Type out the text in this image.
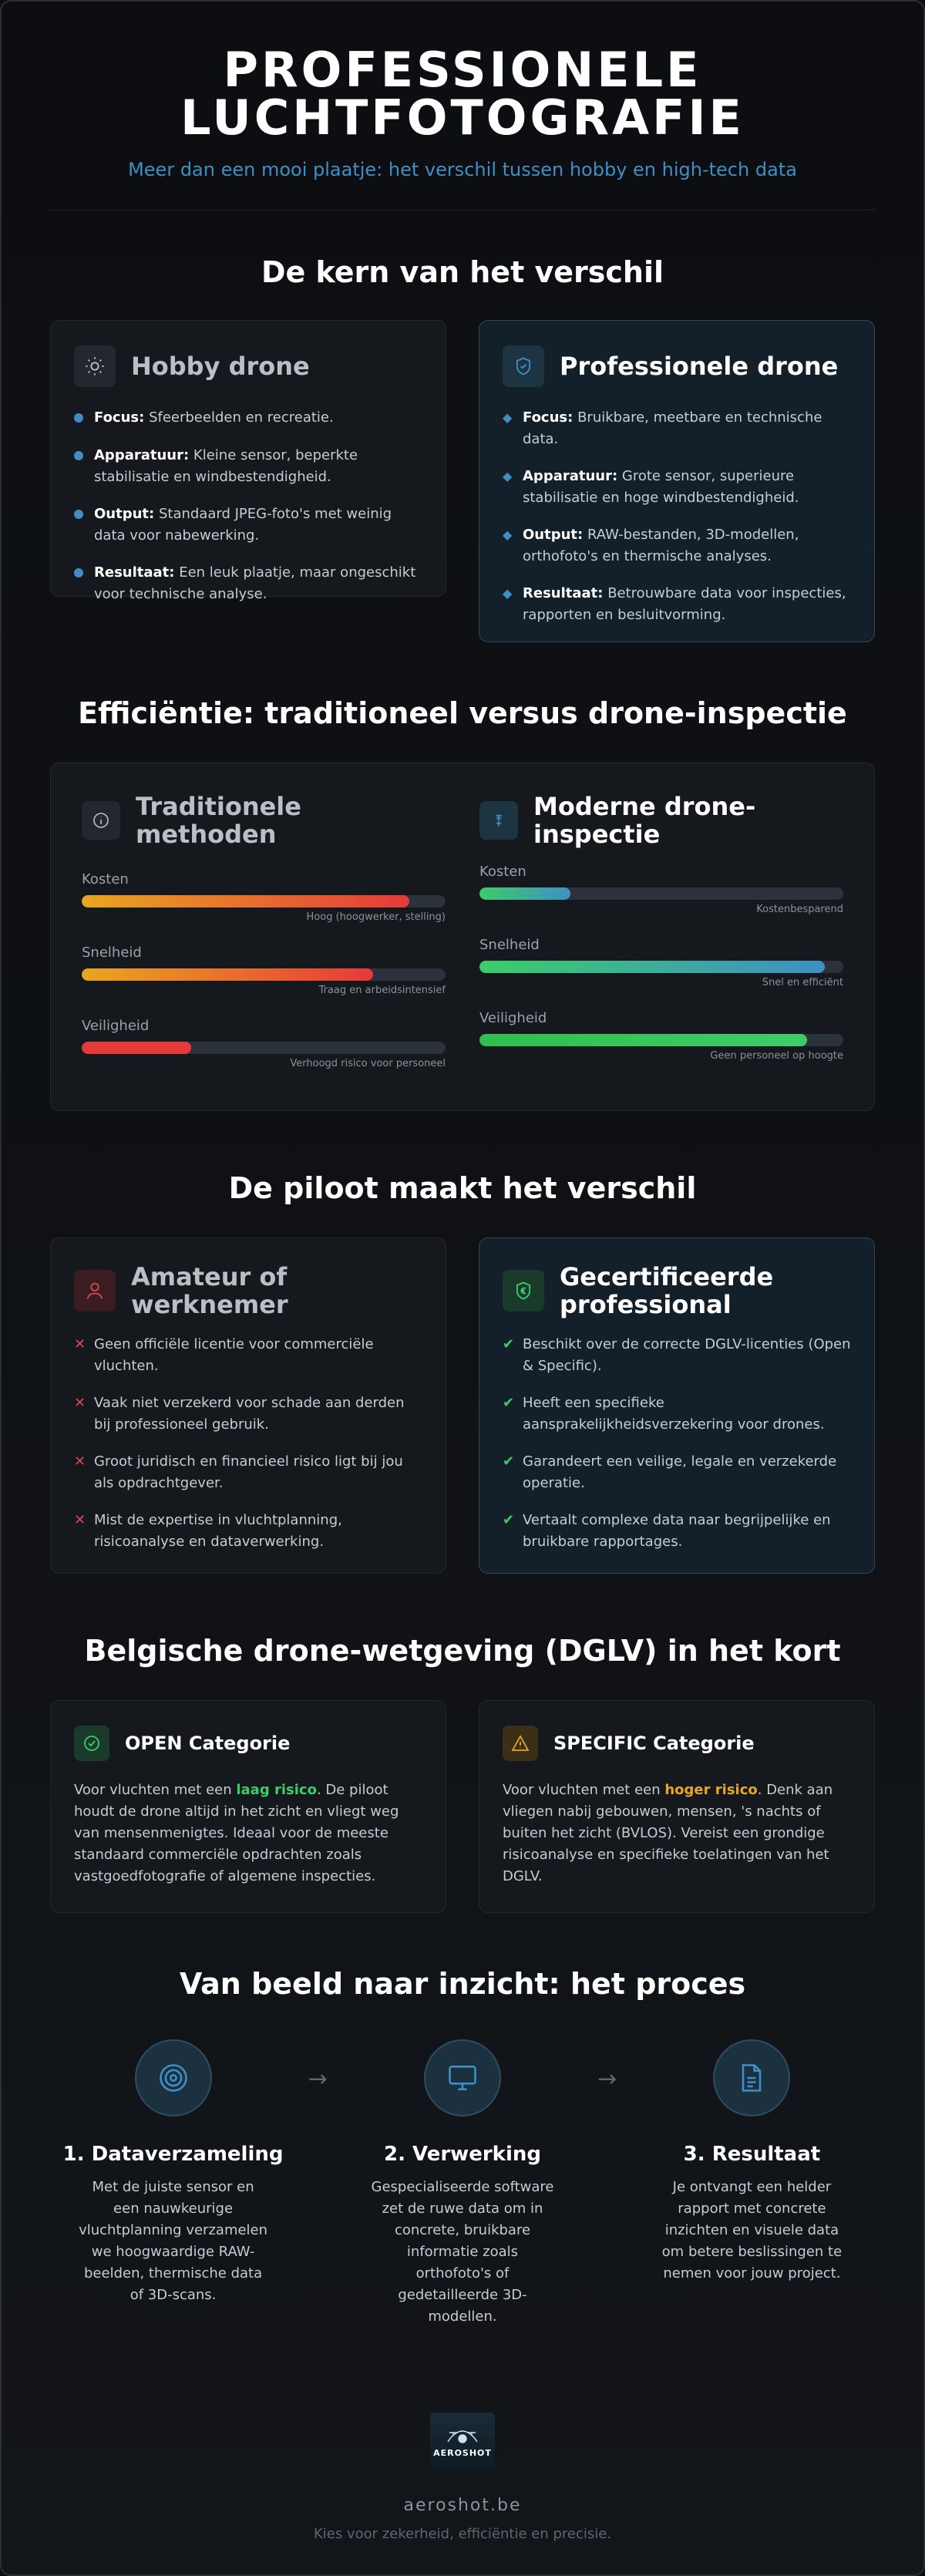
PROFESSIONELE LUCHTFOTOGRAFIE
Meer dan een mooi plaatje: het verschil tussen hobby en high-tech data
De kern van het verschil
Hobby drone
Focus: Sfeerbeelden en recreatie.
Apparatuur: Kleine sensor, beperkte stabilisatie en windbestendigheid.
Output: Standaard JPEG-foto's met weinig data voor nabewerking.
Resultaat: Een leuk plaatje, maar ongeschikt voor technische analyse.
Professionele drone
◆ Focus: Bruikbare, meetbare en technische data.
◆ Apparatuur: Grote sensor, superieure stabilisatie en hoge windbestendigheid.
◆ Output: RAW-bestanden, 3D-modellen, orthofoto's en thermische analyses.
◆ Resultaat: Betrouwbare data voor inspecties, rapporten en besluitvorming.
Efficiëntie: traditioneel versus drone-inspectie
Traditionele methoden
Kosten
Hoog (hoogwerker, stelling)
Snelheid
Traag en arbeidsintensief
Veiligheid
Verhoogd risico voor personeel
Moderne drone-inspectie
Kosten
Kostenbesparend
Snelheid
Snel en efficiënt
Veiligheid
Geen personeel op hoogte
De piloot maakt het verschil
Amateur of werknemer
✕ Geen officiële licentie voor commerciële vluchten.
✕ Vaak niet verzekerd voor schade aan derden bij professioneel gebruik.
✕ Groot juridisch en financieel risico ligt bij jou als opdrachtgever.
✕ Mist de expertise in vluchtplanning, risicoanalyse en dataverwerking.
Gecertificeerde professional
✔ Beschikt over de correcte DGLV-licenties (Open & Specific).
✔ Heeft een specifieke aansprakelijkheidsverzekering voor drones.
✔ Garandeert een veilige, legale en verzekerde operatie.
✔ Vertaalt complexe data naar begrijpelijke en bruikbare rapportages.
Belgische drone-wetgeving (DGLV) in het kort
OPEN Categorie
Voor vluchten met een laag risico. De piloot houdt de drone altijd in het zicht en vliegt weg van mensenmenigtes. Ideaal voor de meeste standaard commerciële opdrachten zoals vastgoedfotografie of algemene inspecties.
SPECIFIC Categorie
Voor vluchten met een hoger risico. Denk aan vliegen nabij gebouwen, mensen, 's nachts of buiten het zicht (BVLOS). Vereist een grondige risicoanalyse en specifieke toelatingen van het DGLV.
Van beeld naar inzicht: het proces
1. Dataverzameling
Met de juiste sensor en een nauwkeurige vluchtplanning verzamelen we hoogwaardige RAW-beelden, thermische data of 3D-scans.
→
2. Verwerking
Gespecialiseerde software zet de ruwe data om in concrete, bruikbare informatie zoals orthofoto's of gedetailleerde 3D-modellen.
→
3. Resultaat
Je ontvangt een helder rapport met concrete inzichten en visuele data om betere beslissingen te nemen voor jouw project.
AEROSHOT
aeroshot.be
Kies voor zekerheid, efficiëntie en precisie.
